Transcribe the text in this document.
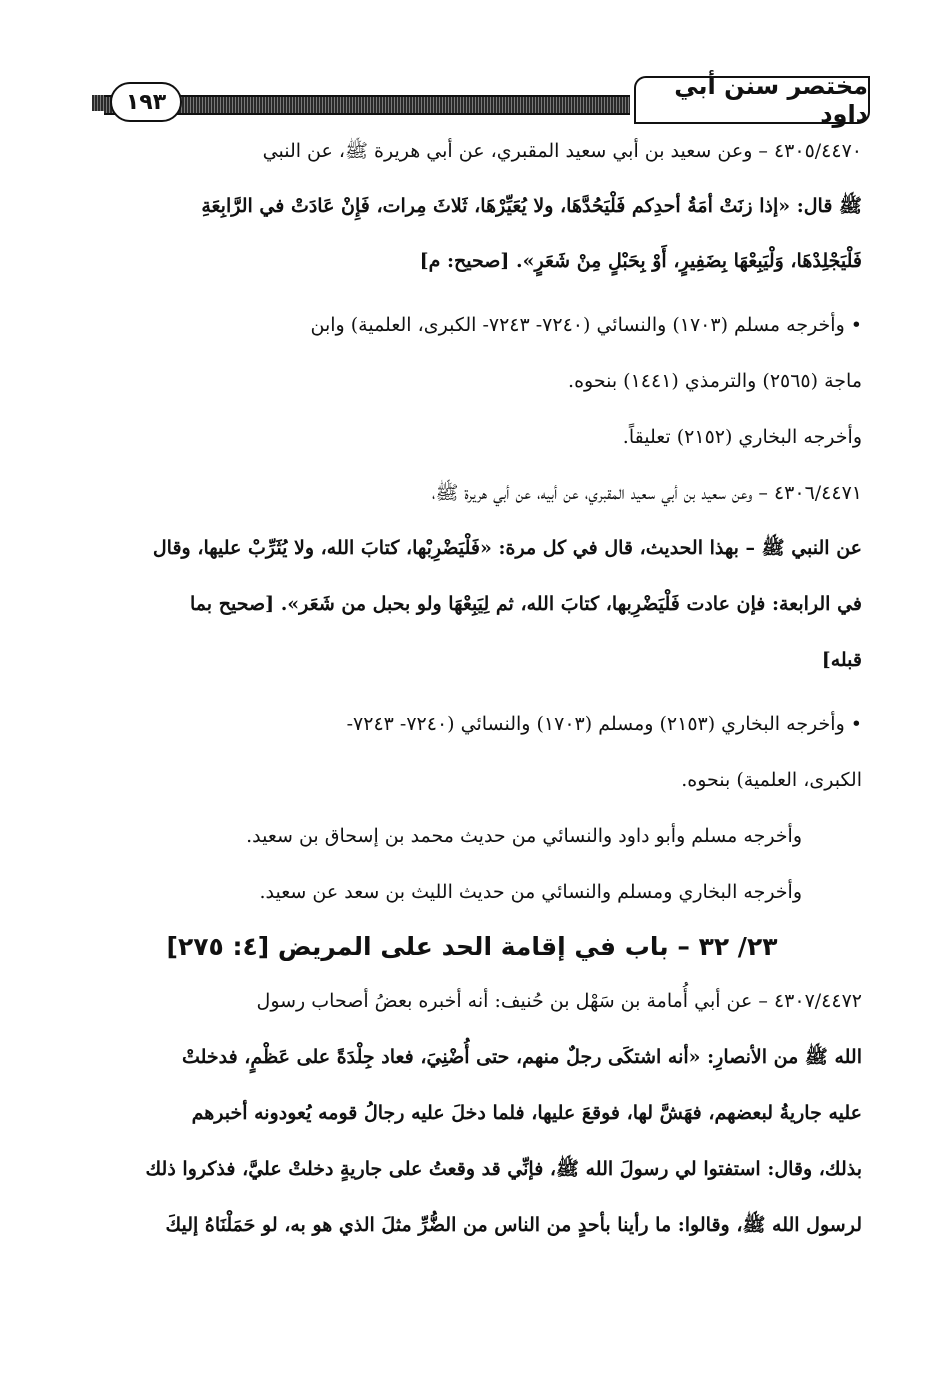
١٩٣
مختصر سنن أبي داود
٤٣٠٥/٤٤٧٠ – وعن سعيد بن أبي سعيد المقبري، عن أبي هريرة ﷺ، عن النبي
ﷺ قال: «إذا زنَتْ أمَةُ أحدِكم فَلْيَحُدَّهَا، ولا يُعَيِّرْهَا، ثَلاثَ مِرات، فَإِنْ عَادَتْ في الرَّابِعَةِ
فَلْيَجْلِدْهَا، وَلْيَبِعْهَا بِضَفِيرٍ، أَوْ بِحَبْلٍ مِنْ شَعَرٍ». [صحيح: م]
• وأخرجه مسلم (١٧٠٣) والنسائي (٧٢٤٠- ٧٢٤٣- الكبرى، العلمية) وابن
ماجة (٢٥٦٥) والترمذي (١٤٤١) بنحوه.
وأخرجه البخاري (٢١٥٢) تعليقاً.
٤٣٠٦/٤٤٧١ – وعن سعيد بن أبي سعيد المقبري، عن أبيه، عن أبي هريرة ﷺ،
عن النبي ﷺ – بهذا الحديث، قال في كل مرة: «فَلْيَضْرِبْها، كتابَ الله، ولا يُثَرِّبْ عليها، وقال
في الرابعة: فإن عادت فَلْيَضْرِبها، كتابَ الله، ثم لِيَبِعْهَا ولو بحبل من شَعَر». [صحيح بما
قبله]
• وأخرجه البخاري (٢١٥٣) ومسلم (١٧٠٣) والنسائي (٧٢٤٠- ٧٢٤٣-
الكبرى، العلمية) بنحوه.
وأخرجه مسلم وأبو داود والنسائي من حديث محمد بن إسحاق بن سعيد.
وأخرجه البخاري ومسلم والنسائي من حديث الليث بن سعد عن سعيد.
٢٣/ ٣٢ – باب في إقامة الحد على المريض [٤: ٢٧٥]
٤٣٠٧/٤٤٧٢ – عن أبي أُمامة بن سَهْل بن حُنيف: أنه أخبره بعضُ أصحاب رسول
الله ﷺ من الأنصارِ: «أنه اشتكَى رجلٌ منهم، حتى أُضْنِيَ، فعاد جِلْدَةً على عَظْمٍ، فدخلتْ
عليه جاريةُ لبعضهم، فهَشَّ لها، فوقعَ عليها، فلما دخلَ عليه رجالُ قومه يُعودونه أخبرهم
بذلك، وقال: استفتوا لي رسولَ الله ﷺ، فإنِّي قد وقعتُ على جاريةٍ دخلتْ عليَّ، فذكروا ذلك
لرسول الله ﷺ، وقالوا: ما رأينا بأحدٍ من الناس من الضُّرِّ مثلَ الذي هو به، لو حَمَلْنَاهُ إليكَ
